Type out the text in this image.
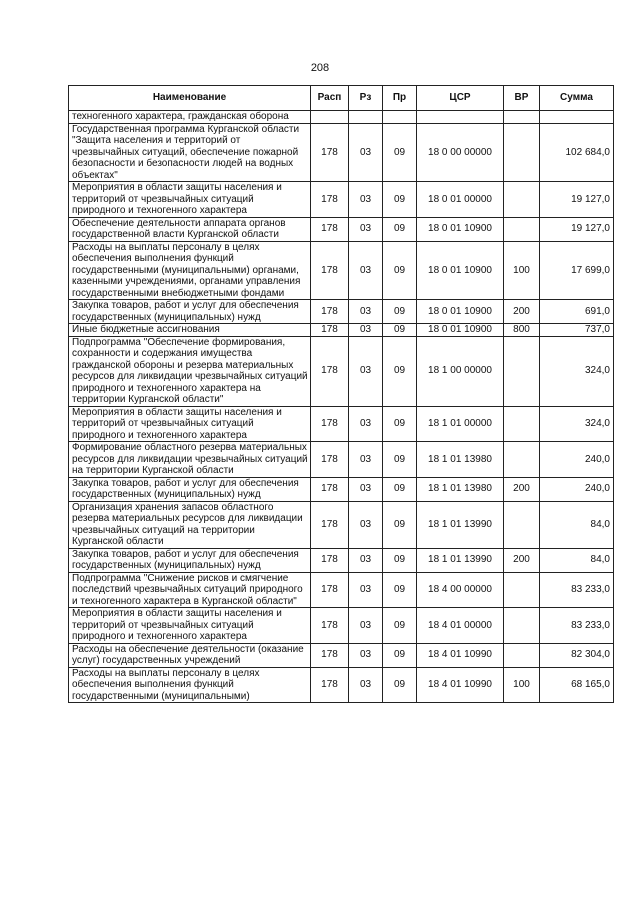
208
Наименование	Расп	Рз	Пр	ЦСР	ВР	Сумма
техногенного характера, гражданская оборона						
Государственная программа Курганской области "Защита населения и территорий от чрезвычайных ситуаций, обеспечение пожарной безопасности и безопасности людей на водных объектах"	178	03	09	18 0 00 00000		102 684,0
Мероприятия в области защиты населения и территорий от чрезвычайных ситуаций природного и техногенного характера	178	03	09	18 0 01 00000		19 127,0
Обеспечение деятельности аппарата органов государственной власти Курганской области	178	03	09	18 0 01 10900		19 127,0
Расходы на выплаты персоналу в целях обеспечения выполнения функций государственными (муниципальными) органами, казенными учреждениями, органами управления государственными внебюджетными фондами	178	03	09	18 0 01 10900	100	17 699,0
Закупка товаров, работ и услуг для обеспечения государственных (муниципальных) нужд	178	03	09	18 0 01 10900	200	691,0
Иные бюджетные ассигнования	178	03	09	18 0 01 10900	800	737,0
Подпрограмма "Обеспечение формирования, сохранности и содержания имущества гражданской обороны и резерва материальных ресурсов для ликвидации чрезвычайных ситуаций природного и техногенного характера на территории Курганской области"	178	03	09	18 1 00 00000		324,0
Мероприятия в области защиты населения и территорий от чрезвычайных ситуаций природного и техногенного характера	178	03	09	18 1 01 00000		324,0
Формирование областного резерва материальных ресурсов для ликвидации чрезвычайных ситуаций на территории Курганской области	178	03	09	18 1 01 13980		240,0
Закупка товаров, работ и услуг для обеспечения государственных (муниципальных) нужд	178	03	09	18 1 01 13980	200	240,0
Организация хранения запасов областного резерва материальных ресурсов для ликвидации чрезвычайных ситуаций на территории Курганской области	178	03	09	18 1 01 13990		84,0
Закупка товаров, работ и услуг для обеспечения государственных (муниципальных) нужд	178	03	09	18 1 01 13990	200	84,0
Подпрограмма "Снижение рисков и смягчение последствий чрезвычайных ситуаций природного и техногенного характера в Курганской области"	178	03	09	18 4 00 00000		83 233,0
Мероприятия в области защиты населения и территорий от чрезвычайных ситуаций природного и техногенного характера	178	03	09	18 4 01 00000		83 233,0
Расходы на обеспечение деятельности (оказание услуг) государственных учреждений	178	03	09	18 4 01 10990		82 304,0
Расходы на выплаты персоналу в целях обеспечения выполнения функций государственными (муниципальными)	178	03	09	18 4 01 10990	100	68 165,0
